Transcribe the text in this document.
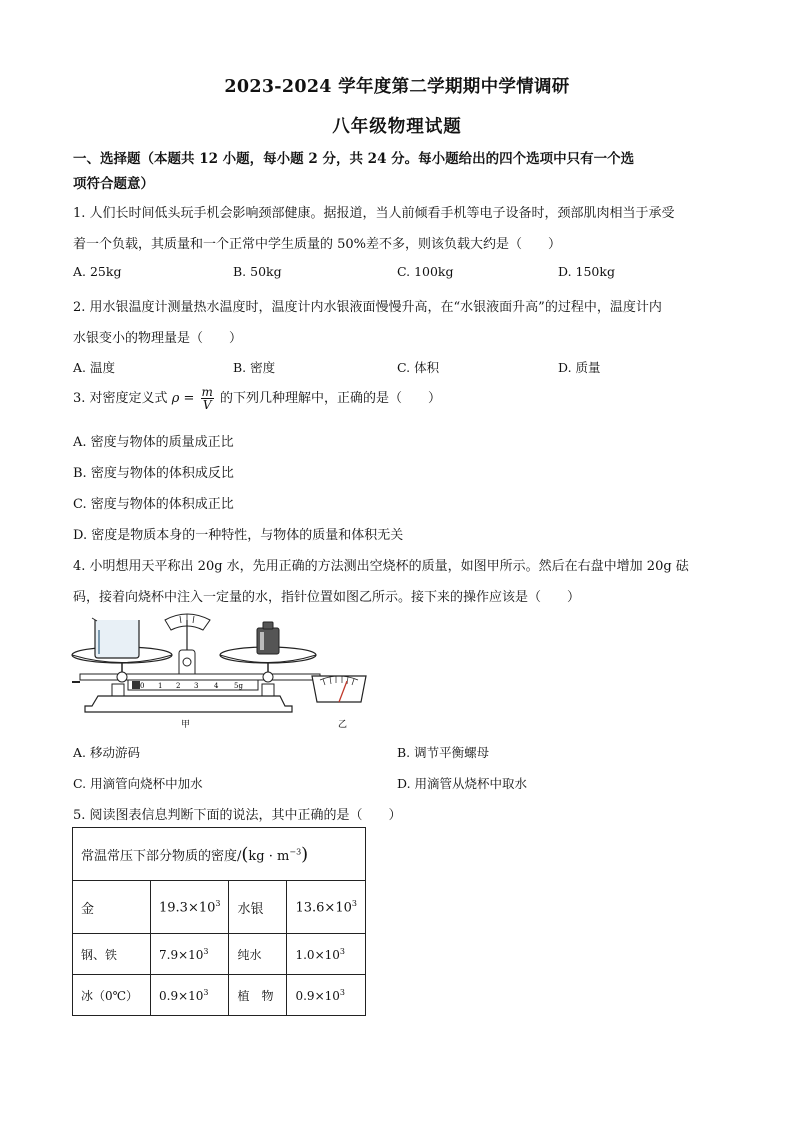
2023-2024 学年度第二学期期中学情调研
八年级物理试题
一、选择题（本题共 12 小题，每小题 2 分，共 24 分。每小题给出的四个选项中只有一个选
项符合题意）
1. 人们长时间低头玩手机会影响颈部健康。据报道，当人前倾看手机等电子设备时，颈部肌肉相当于承受
着一个负载，其质量和一个正常中学生质量的 50%差不多，则该负载大约是（　　）
A. 25kg	B. 50kg	C. 100kg	D. 150kg
2. 用水银温度计测量热水温度时，温度计内水银液面慢慢升高，在“水银液面升高”的过程中，温度计内
水银变小的物理量是（　　）
A. 温度	B. 密度	C. 体积	D. 质量
3. 对密度定义式 $\rho = \frac{m}{V}$ 的下列几种理解中，正确的是（　　）
A. 密度与物体的质量成正比
B. 密度与物体的体积成反比
C. 密度与物体的体积成正比
D. 密度是物质本身的一种特性，与物体的质量和体积无关
4. 小明想用天平称出 20g 水，先用正确的方法测出空烧杯的质量，如图甲所示。然后在右盘中增加 20g 砝
码，接着向烧杯中注入一定量的水，指针位置如图乙所示。接下来的操作应该是（　　）
0 1 2 3 4 5g
甲	乙
A. 移动游码	B. 调节平衡螺母
C. 用滴管向烧杯中加水	D. 用滴管从烧杯中取水
5. 阅读图表信息判断下面的说法，其中正确的是（　　）
常温常压下部分物质的密度$/(kg \cdot m^{-3})$			
金	$19.3\times 10^3$	水银	$13.6\times 10^3$
钢、铁	$7.9\times 10^3$	纯水	$1.0\times 10^3$
冰（0℃）	$0.9\times 10^3$	植　物	$0.9\times 10^3$
